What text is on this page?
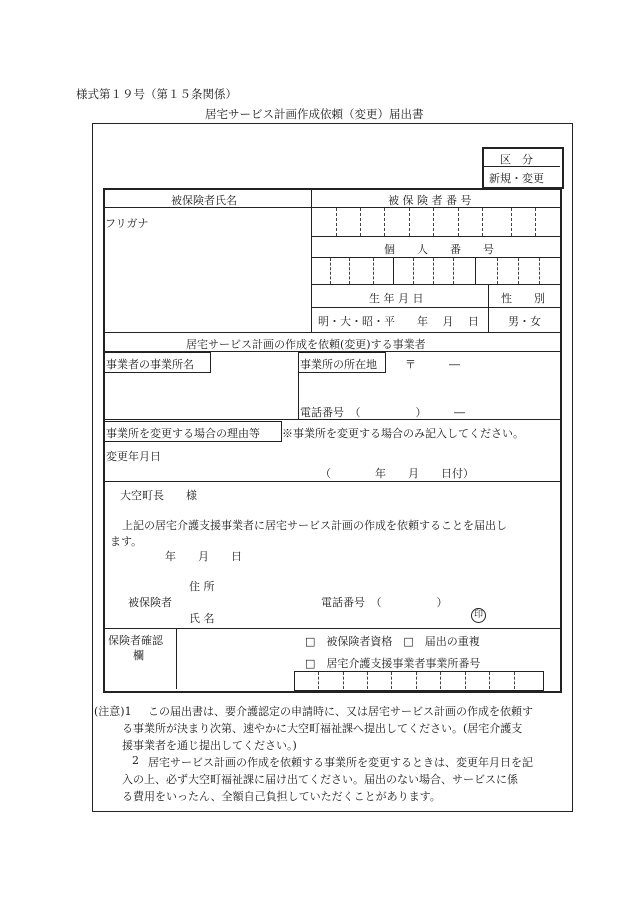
様式第１９号（第１５条関係）
居宅サービス計画作成依頼（変更）届出書
区　分
新規・変更
被保険者氏名	被 保 険 者 番 号
フリガナ
個　　人　　番　　号
生 年 月 日	性　　別
明・大・昭・平　　年　 月　 日	男・女
居宅サービス計画の作成を依頼(変更)する事業者
事業者の事業所名	事業所の所在地	〒　　　―
電話番号　（　　　　　）　　　―
事業所を変更する場合の理由等 ※事業所を変更する場合のみ記入してください。
変更年月日
（　　　　年　　月　　日付）
大空町長　　様
上記の居宅介護支援事業者に居宅サービス計画の作成を依頼することを届出し
ます。
年　　月　　日
住 所
被保険者	電話番号　（　　　　　）
氏 名	印
保険者確認
欄
□　被保険者資格　□　届出の重複
□　居宅介護支援事業者事業所番号
(注意)1 この届出書は、要介護認定の申請時に、又は居宅サービス計画の作成を依頼す
る事業所が決まり次第、速やかに大空町福祉課へ提出してください。(居宅介護支
援事業者を通じ提出してください。)
2 居宅サービス計画の作成を依頼する事業所を変更するときは、変更年月日を記
入の上、必ず大空町福祉課に届け出てください。届出のない場合、サービスに係
る費用をいったん、全額自己負担していただくことがあります。
